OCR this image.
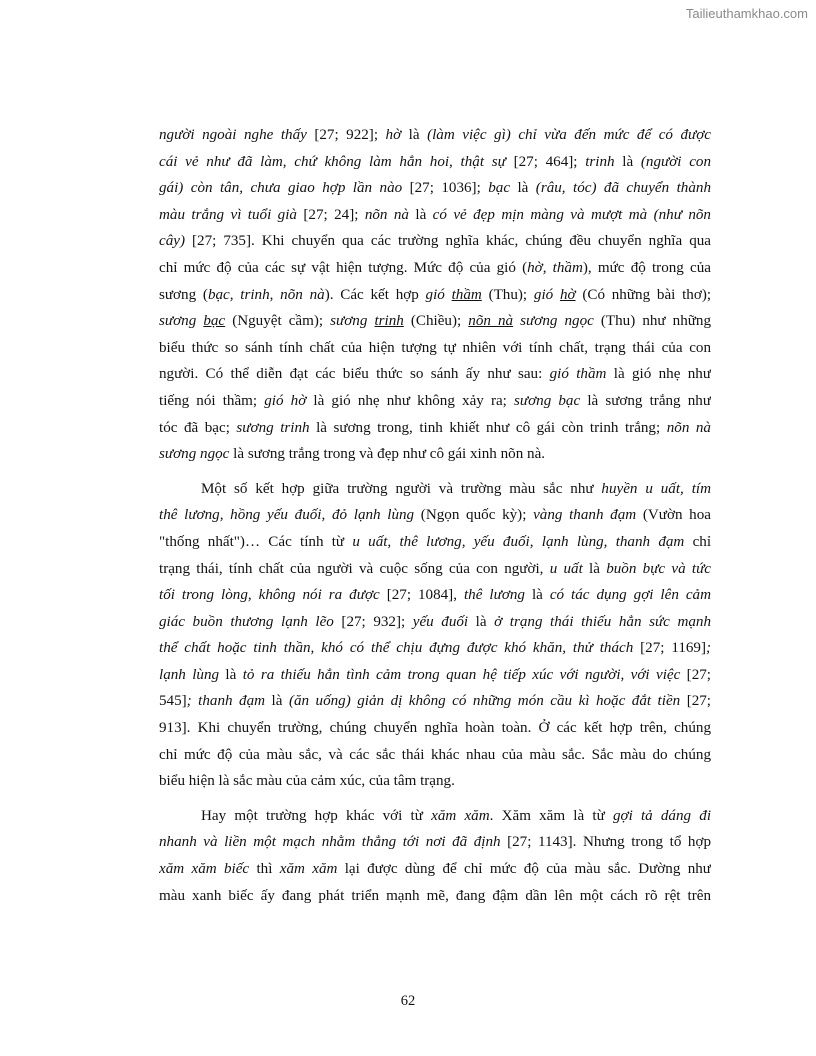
Tailieuthamkhao.com
người ngoài nghe thấy [27; 922]; hờ là (làm việc gì) chỉ vừa đến mức để có được
cái vẻ như đã làm, chứ không làm hẳn hoi, thật sự [27; 464]; trinh là (người con
gái) còn tân, chưa giao hợp lần nào [27; 1036]; bạc là (râu, tóc) đã chuyển thành
màu trắng vì tuổi già [27; 24]; nõn nà là có vẻ đẹp mịn màng và mượt mà (như nõn
cây) [27; 735]. Khi chuyển qua các trường nghĩa khác, chúng đều chuyển nghĩa qua
chỉ mức độ của các sự vật hiện tượng. Mức độ của gió (hờ, thầm), mức độ trong của
sương (bạc, trinh, nõn nà). Các kết hợp gió thầm (Thu); gió hờ (Có những bài thơ);
sương bạc (Nguyệt cầm); sương trinh (Chiều); nõn nà sương ngọc (Thu) như những
biểu thức so sánh tính chất của hiện tượng tự nhiên với tính chất, trạng thái của con
người. Có thể diễn đạt các biểu thức so sánh ấy như sau: gió thầm là gió nhẹ như
tiếng nói thầm; gió hờ là gió nhẹ như không xảy ra; sương bạc là sương trắng như
tóc đã bạc; sương trinh là sương trong, tinh khiết như cô gái còn trinh trắng; nõn nà
sương ngọc là sương trắng trong và đẹp như cô gái xinh nõn nà.
Một số kết hợp giữa trường người và trường màu sắc như huyền u uất, tím
thê lương, hồng yếu đuối, đỏ lạnh lùng (Ngọn quốc kỳ); vàng thanh đạm (Vườn hoa
"thống nhất")… Các tính từ u uất, thê lương, yếu đuối, lạnh lùng, thanh đạm chỉ
trạng thái, tính chất của người và cuộc sống của con người, u uất là buồn bực và tức
tối trong lòng, không nói ra được [27; 1084], thê lương là có tác dụng gợi lên cảm
giác buồn thương lạnh lẽo [27; 932]; yếu đuối là ở trạng thái thiếu hẳn sức mạnh
thể chất hoặc tinh thần, khó có thể chịu đựng được khó khăn, thử thách [27; 1169];
lạnh lùng là tỏ ra thiếu hẳn tình cảm trong quan hệ tiếp xúc với người, với việc [27;
545]; thanh đạm là (ăn uống) giản dị không có những món cầu kì hoặc đắt tiền [27;
913]. Khi chuyển trường, chúng chuyển nghĩa hoàn toàn. Ở các kết hợp trên, chúng
chỉ mức độ của màu sắc, và các sắc thái khác nhau của màu sắc. Sắc màu do chúng
biểu hiện là sắc màu của cảm xúc, của tâm trạng.
Hay một trường hợp khác với từ xăm xăm. Xăm xăm là từ gợi tả dáng đi
nhanh và liền một mạch nhằm thẳng tới nơi đã định [27; 1143]. Nhưng trong tổ hợp
xăm xăm biếc thì xăm xăm lại được dùng để chỉ mức độ của màu sắc. Dường như
màu xanh biếc ấy đang phát triển mạnh mẽ, đang đậm dần lên một cách rõ rệt trên
62
